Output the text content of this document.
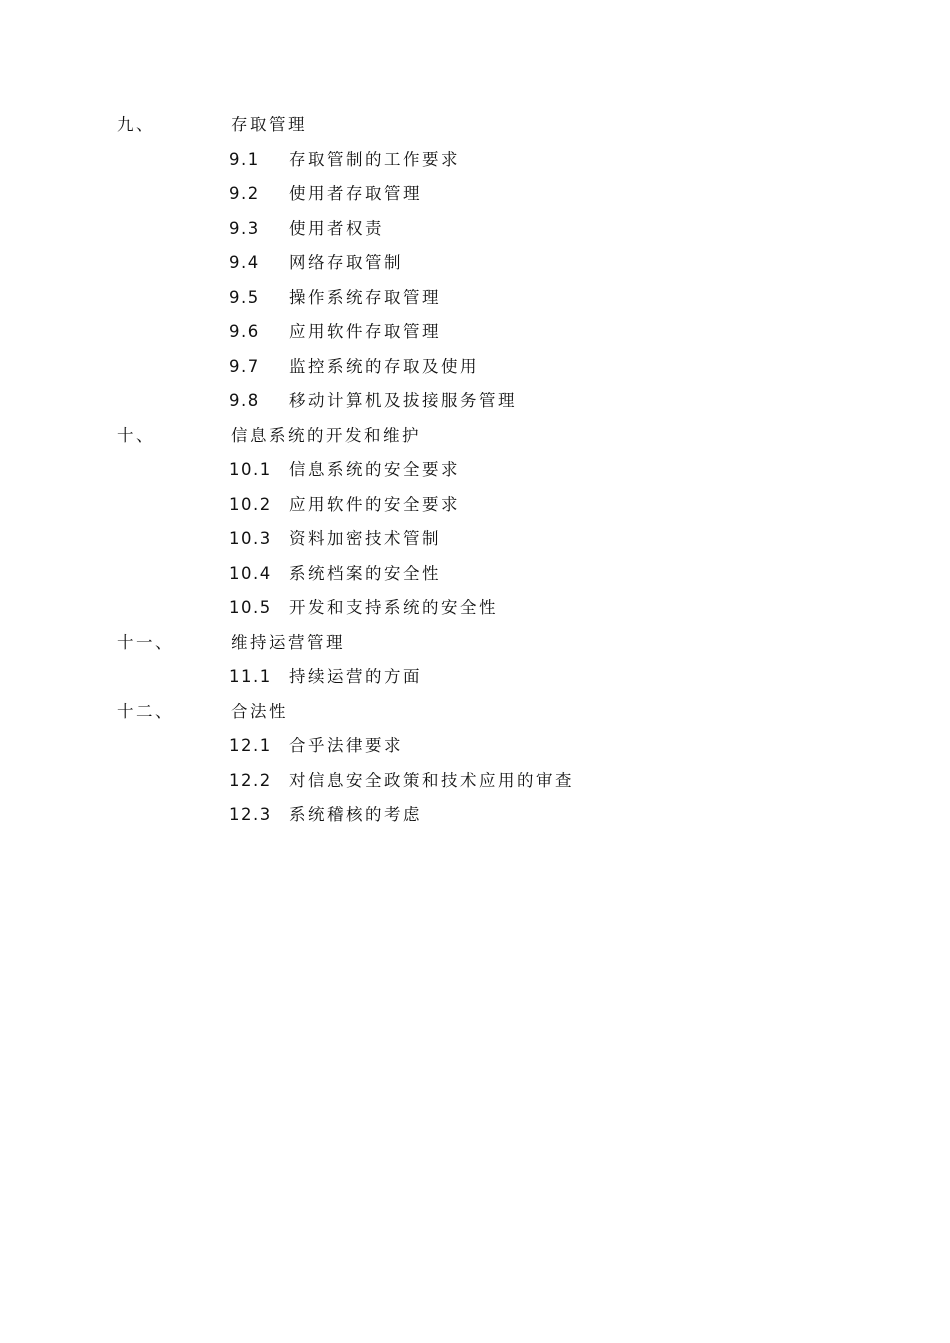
九、	存取管理
9.1 存取管制的工作要求
9.2 使用者存取管理
9.3 使用者权责
9.4 网络存取管制
9.5 操作系统存取管理
9.6 应用软件存取管理
9.7 监控系统的存取及使用
9.8 移动计算机及拔接服务管理
十、	信息系统的开发和维护
10.1 信息系统的安全要求
10.2 应用软件的安全要求
10.3 资料加密技术管制
10.4 系统档案的安全性
10.5 开发和支持系统的安全性
十一、	维持运营管理
11.1 持续运营的方面
十二、	合法性
12.1 合乎法律要求
12.2 对信息安全政策和技术应用的审查
12.3 系统稽核的考虑
